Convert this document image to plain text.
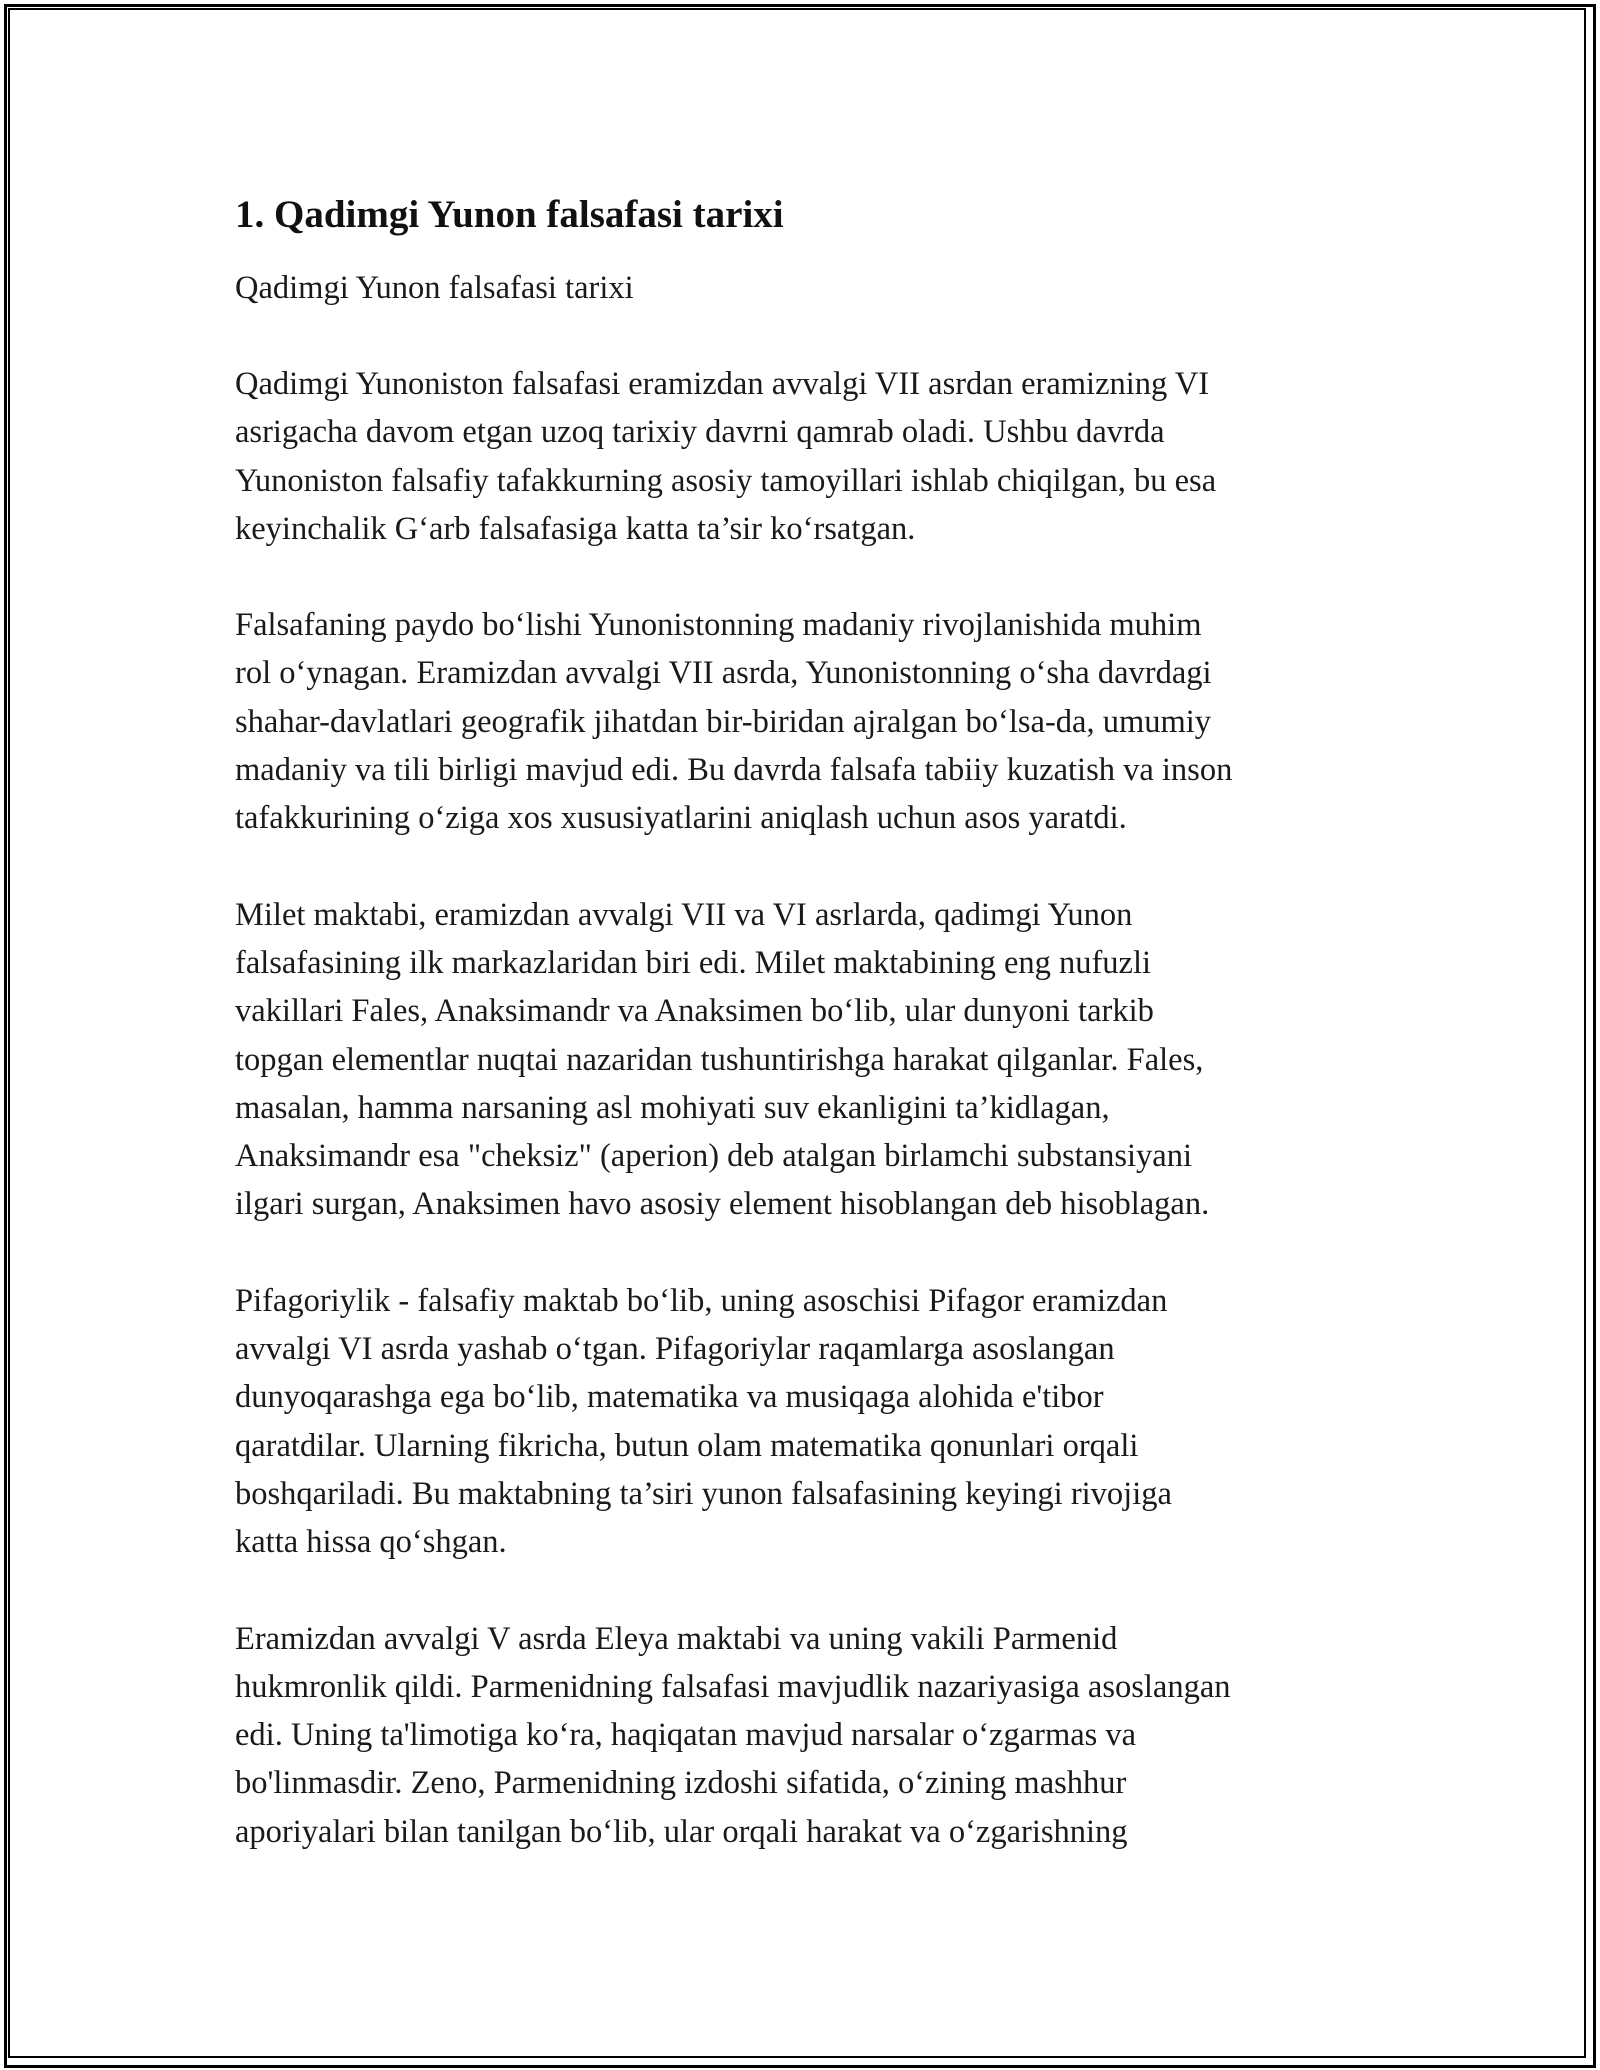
1. Qadimgi Yunon falsafasi tarixi

Qadimgi Yunon falsafasi tarixi

Qadimgi Yunoniston falsafasi eramizdan avvalgi VII asrdan eramizning VI
asrigacha davom etgan uzoq tarixiy davrni qamrab oladi. Ushbu davrda
Yunoniston falsafiy tafakkurning asosiy tamoyillari ishlab chiqilgan, bu esa
keyinchalik G‘arb falsafasiga katta ta’sir ko‘rsatgan.

Falsafaning paydo bo‘lishi Yunonistonning madaniy rivojlanishida muhim
rol o‘ynagan. Eramizdan avvalgi VII asrda, Yunonistonning o‘sha davrdagi
shahar-davlatlari geografik jihatdan bir-biridan ajralgan bo‘lsa-da, umumiy
madaniy va tili birligi mavjud edi. Bu davrda falsafa tabiiy kuzatish va inson
tafakkurining o‘ziga xos xususiyatlarini aniqlash uchun asos yaratdi.

Milet maktabi, eramizdan avvalgi VII va VI asrlarda, qadimgi Yunon
falsafasining ilk markazlaridan biri edi. Milet maktabining eng nufuzli
vakillari Fales, Anaksimandr va Anaksimen bo‘lib, ular dunyoni tarkib
topgan elementlar nuqtai nazaridan tushuntirishga harakat qilganlar. Fales,
masalan, hamma narsaning asl mohiyati suv ekanligini ta’kidlagan,
Anaksimandr esa "cheksiz" (aperion) deb atalgan birlamchi substansiyani
ilgari surgan, Anaksimen havo asosiy element hisoblangan deb hisoblagan.

Pifagoriylik - falsafiy maktab bo‘lib, uning asoschisi Pifagor eramizdan
avvalgi VI asrda yashab o‘tgan. Pifagoriylar raqamlarga asoslangan
dunyoqarashga ega bo‘lib, matematika va musiqaga alohida e'tibor
qaratdilar. Ularning fikricha, butun olam matematika qonunlari orqali
boshqariladi. Bu maktabning ta’siri yunon falsafasining keyingi rivojiga
katta hissa qo‘shgan.

Eramizdan avvalgi V asrda Eleya maktabi va uning vakili Parmenid
hukmronlik qildi. Parmenidning falsafasi mavjudlik nazariyasiga asoslangan
edi. Uning ta'limotiga ko‘ra, haqiqatan mavjud narsalar o‘zgarmas va
bo'linmasdir. Zeno, Parmenidning izdoshi sifatida, o‘zining mashhur
aporiyalari bilan tanilgan bo‘lib, ular orqali harakat va o‘zgarishning
